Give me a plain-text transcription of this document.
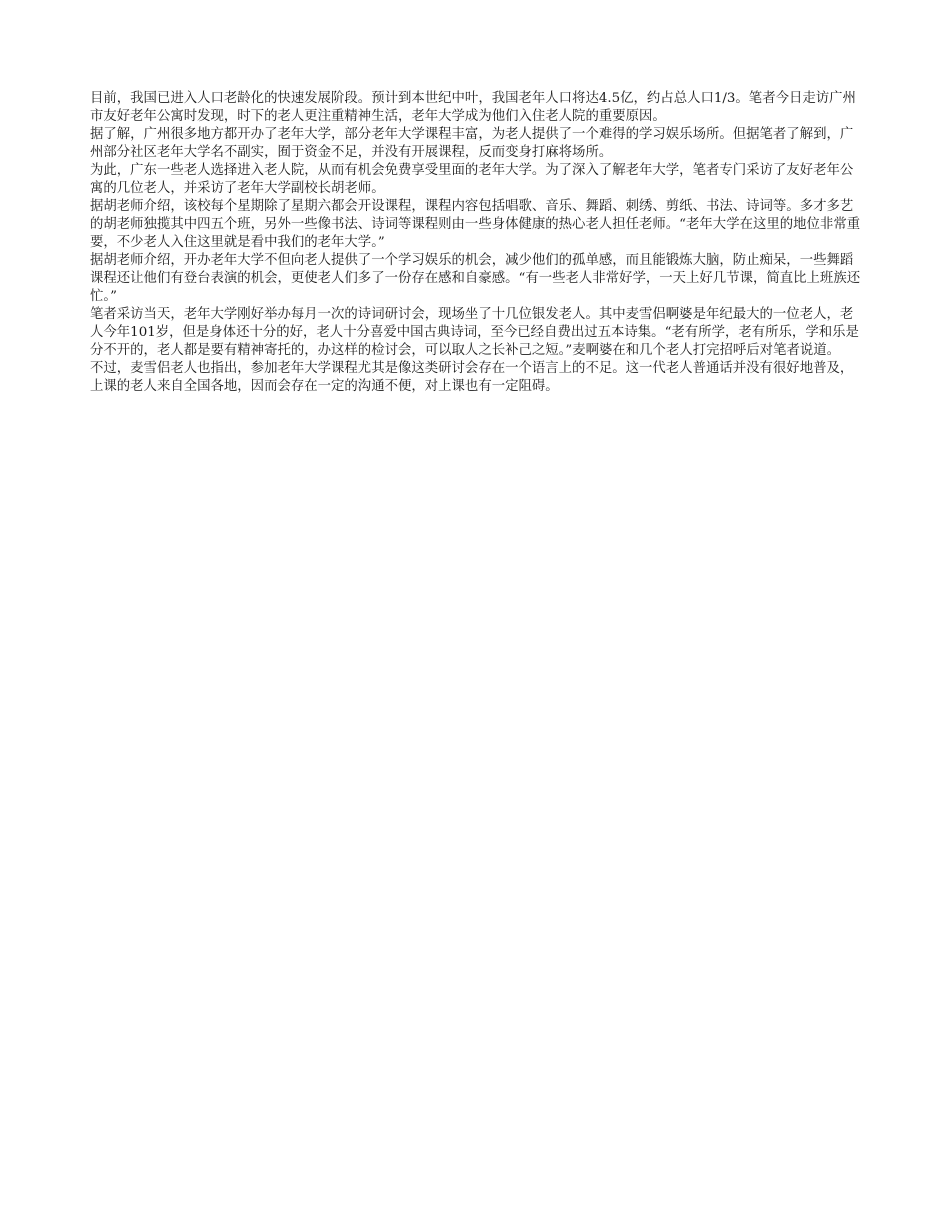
目前，我国已进入人口老龄化的快速发展阶段。预计到本世纪中叶，我国老年人口将达4.5亿，约占总人口1/3。笔者今日走访广州市友好老年公寓时发现，时下的老人更注重精神生活，老年大学成为他们入住老人院的重要原因。

据了解，广州很多地方都开办了老年大学，部分老年大学课程丰富，为老人提供了一个难得的学习娱乐场所。但据笔者了解到，广州部分社区老年大学名不副实，囿于资金不足，并没有开展课程，反而变身打麻将场所。

为此，广东一些老人选择进入老人院，从而有机会免费享受里面的老年大学。为了深入了解老年大学，笔者专门采访了友好老年公寓的几位老人，并采访了老年大学副校长胡老师。

据胡老师介绍，该校每个星期除了星期六都会开设课程，课程内容包括唱歌、音乐、舞蹈、刺绣、剪纸、书法、诗词等。多才多艺的胡老师独揽其中四五个班，另外一些像书法、诗词等课程则由一些身体健康的热心老人担任老师。“老年大学在这里的地位非常重要，不少老人入住这里就是看中我们的老年大学。”

据胡老师介绍，开办老年大学不但向老人提供了一个学习娱乐的机会，减少他们的孤单感，而且能锻炼大脑，防止痴呆，一些舞蹈课程还让他们有登台表演的机会，更使老人们多了一份存在感和自豪感。“有一些老人非常好学，一天上好几节课，简直比上班族还忙。”

笔者采访当天，老年大学刚好举办每月一次的诗词研讨会，现场坐了十几位银发老人。其中麦雪侣啊婆是年纪最大的一位老人，老人今年101岁，但是身体还十分的好，老人十分喜爱中国古典诗词，至今已经自费出过五本诗集。“老有所学，老有所乐，学和乐是分不开的，老人都是要有精神寄托的，办这样的检讨会，可以取人之长补己之短。”麦啊婆在和几个老人打完招呼后对笔者说道。

不过，麦雪侣老人也指出，参加老年大学课程尤其是像这类研讨会存在一个语言上的不足。这一代老人普通话并没有很好地普及，上课的老人来自全国各地，因而会存在一定的沟通不便，对上课也有一定阻碍。
